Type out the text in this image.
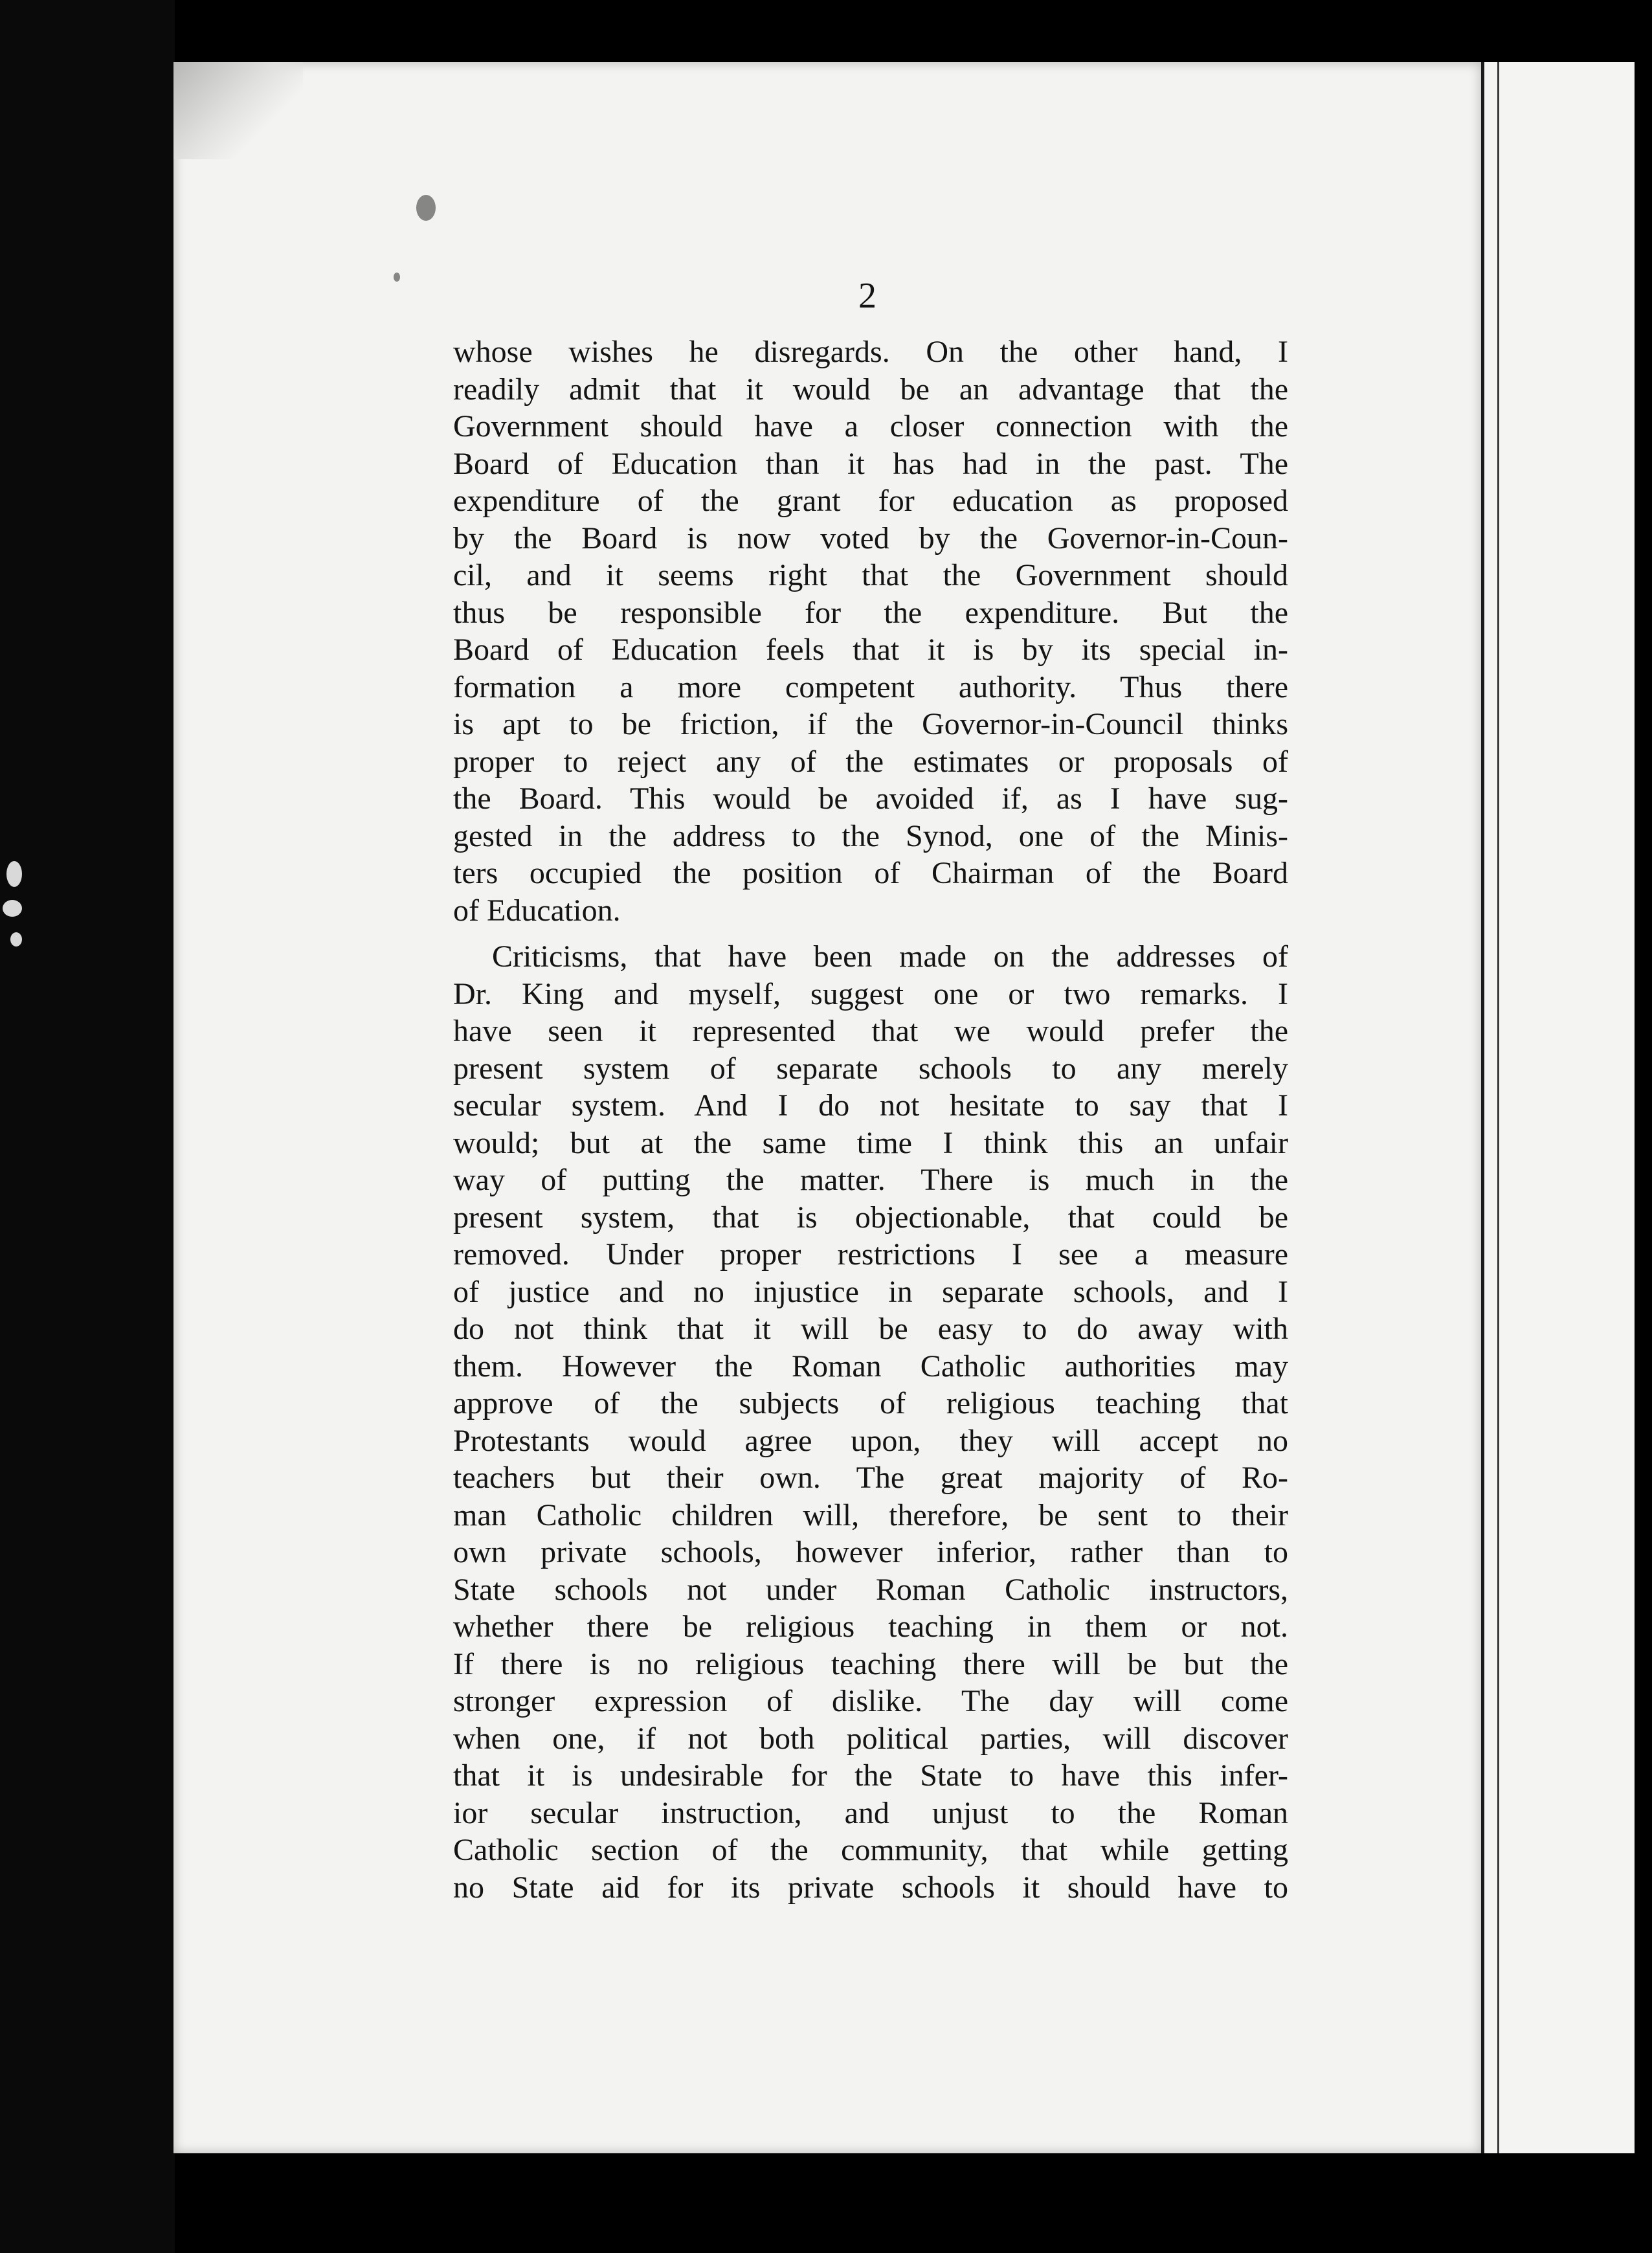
2
whose wishes he disregards. On the other hand, I
readily admit that it would be an advantage that the
Government should have a closer connection with the
Board of Education than it has had in the past. The
expenditure of the grant for education as proposed
by the Board is now voted by the Governor-in-Coun-
cil, and it seems right that the Government should
thus be responsible for the expenditure. But the
Board of Education feels that it is by its special in-
formation a more competent authority. Thus there
is apt to be friction, if the Governor-in-Council thinks
proper to reject any of the estimates or proposals of
the Board. This would be avoided if, as I have sug-
gested in the address to the Synod, one of the Minis-
ters occupied the position of Chairman of the Board
of Education.
Criticisms, that have been made on the addresses of
Dr. King and myself, suggest one or two remarks. I
have seen it represented that we would prefer the
present system of separate schools to any merely
secular system. And I do not hesitate to say that I
would; but at the same time I think this an unfair
way of putting the matter. There is much in the
present system, that is objectionable, that could be
removed. Under proper restrictions I see a measure
of justice and no injustice in separate schools, and I
do not think that it will be easy to do away with
them. However the Roman Catholic authorities may
approve of the subjects of religious teaching that
Protestants would agree upon, they will accept no
teachers but their own. The great majority of Ro-
man Catholic children will, therefore, be sent to their
own private schools, however inferior, rather than to
State schools not under Roman Catholic instructors,
whether there be religious teaching in them or not.
If there is no religious teaching there will be but the
stronger expression of dislike. The day will come
when one, if not both political parties, will discover
that it is undesirable for the State to have this infer-
ior secular instruction, and unjust to the Roman
Catholic section of the community, that while getting
no State aid for its private schools it should have to
